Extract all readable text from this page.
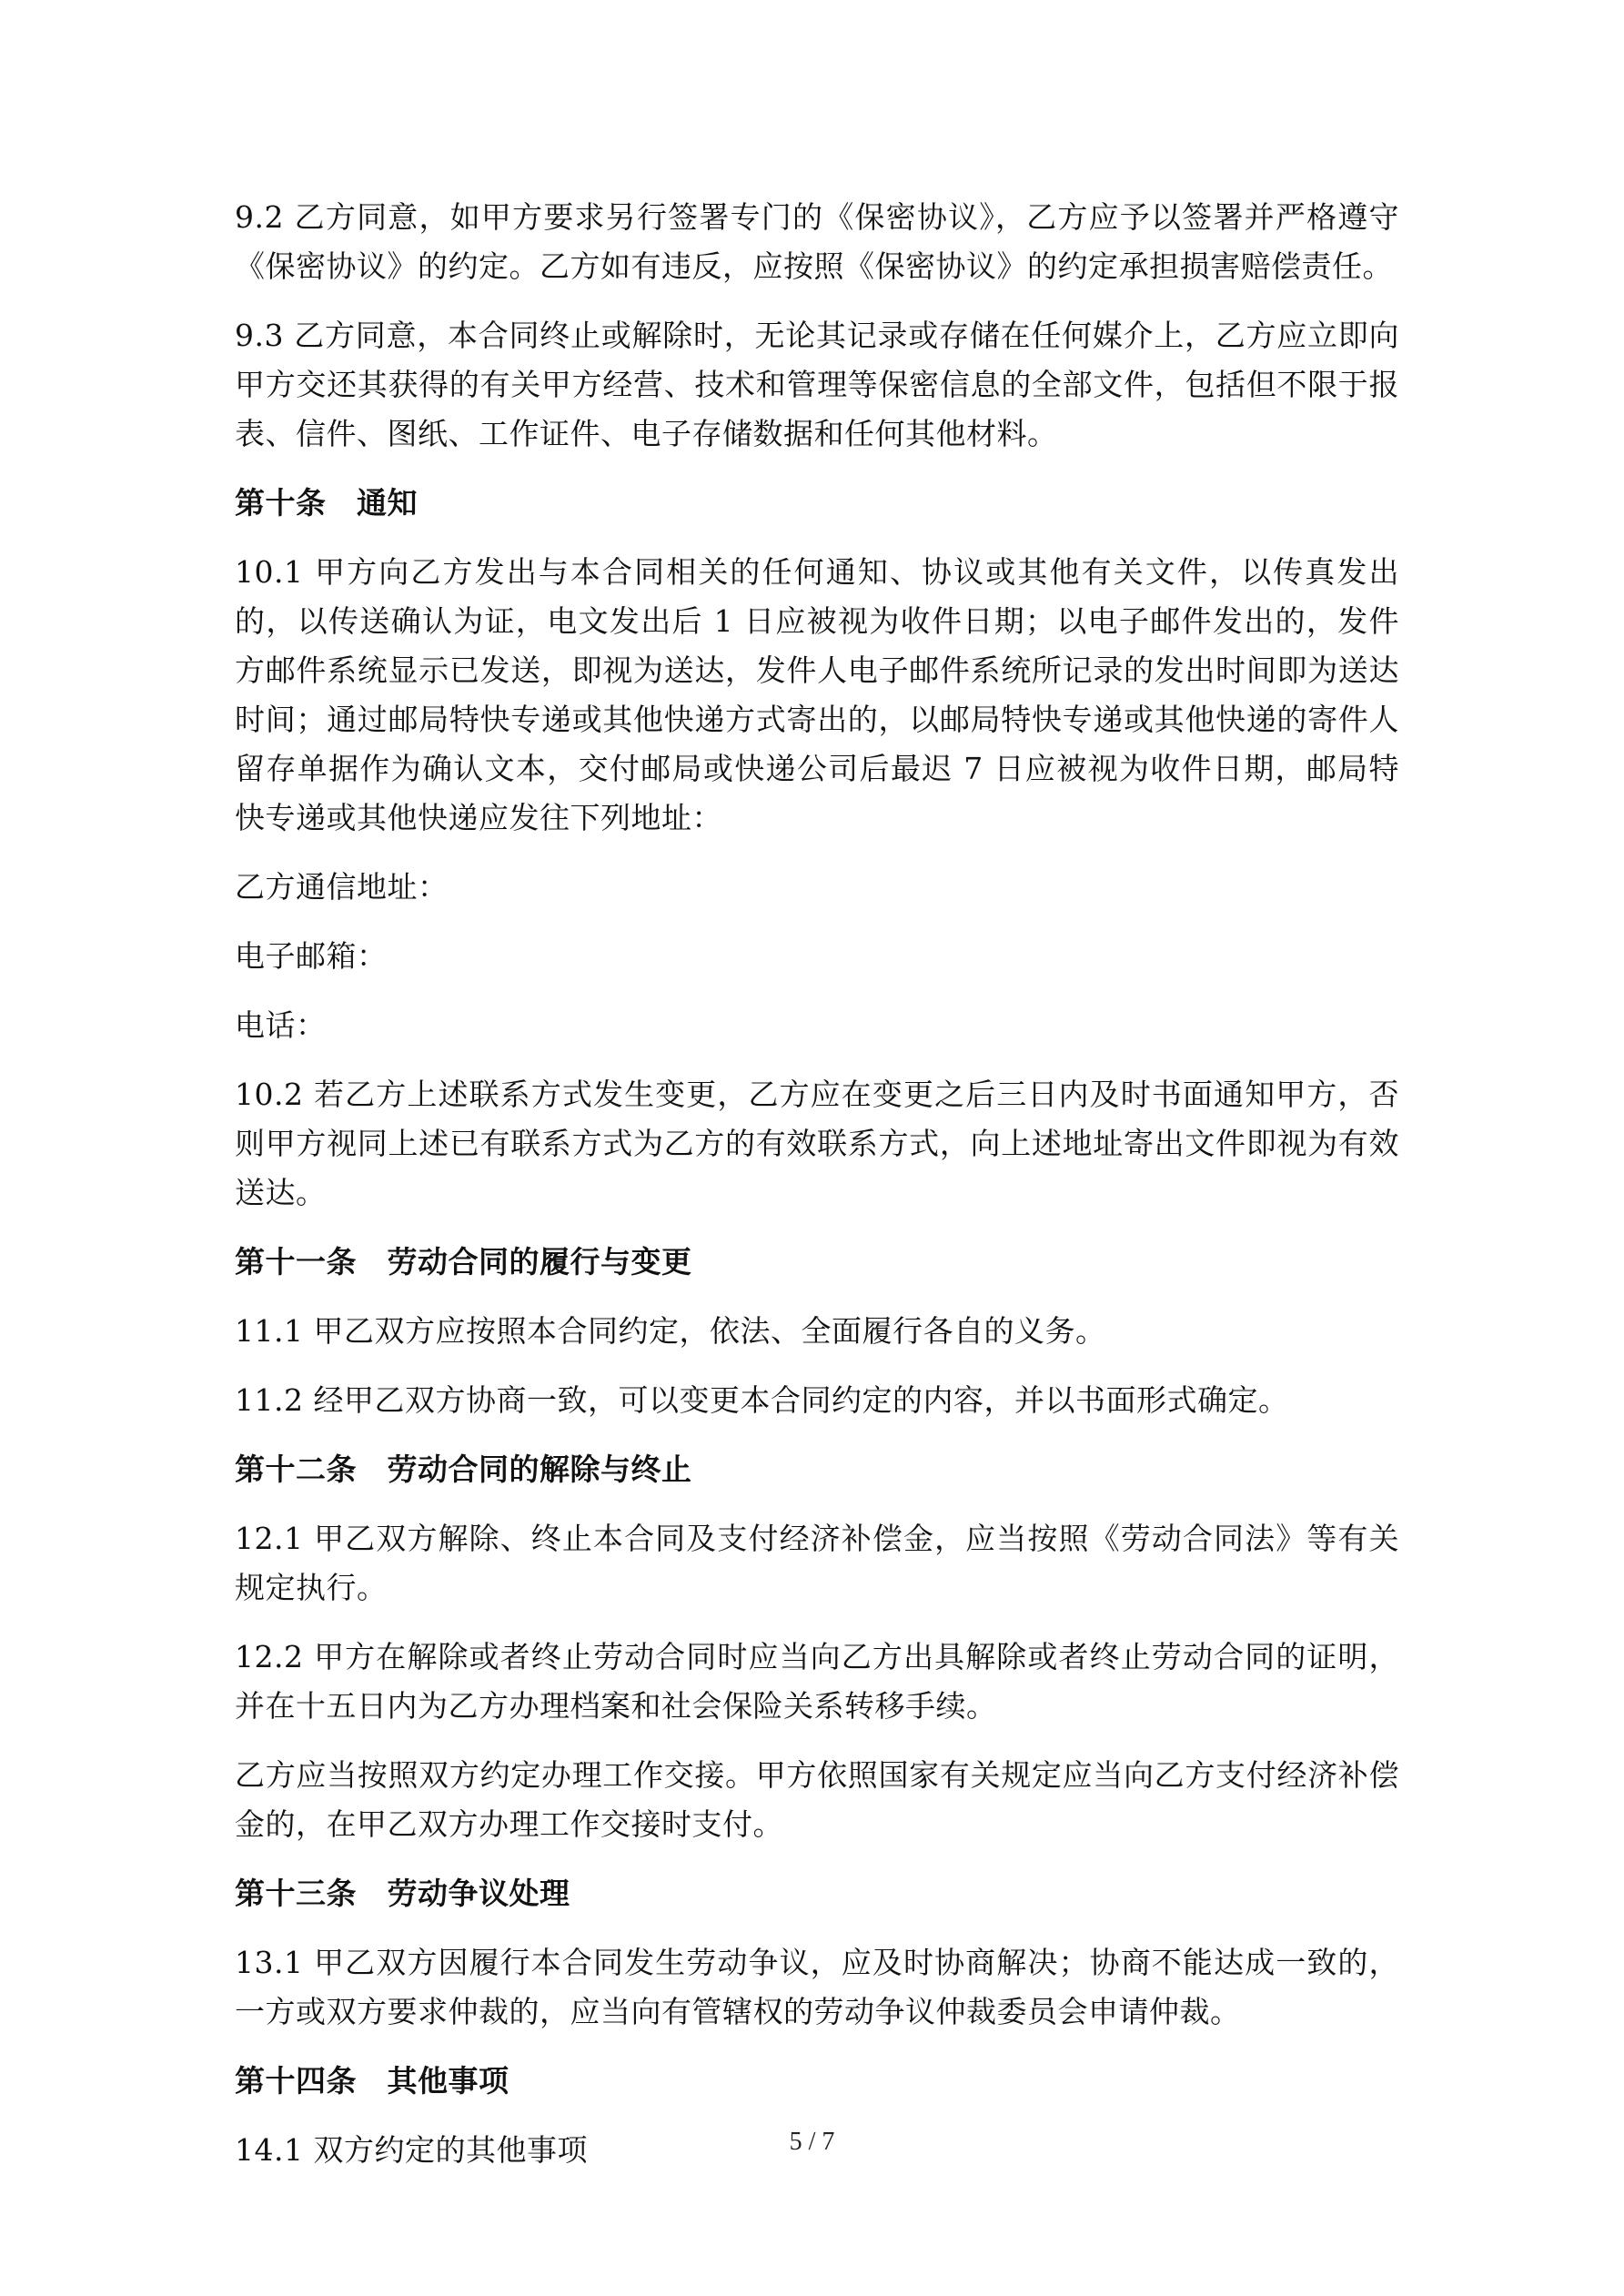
9.2 乙方同意，如甲方要求另行签署专门的《保密协议》，乙方应予以签署并严格遵守《保密协议》的约定。乙方如有违反，应按照《保密协议》的约定承担损害赔偿责任。

9.3 乙方同意，本合同终止或解除时，无论其记录或存储在任何媒介上，乙方应立即向甲方交还其获得的有关甲方经营、技术和管理等保密信息的全部文件，包括但不限于报表、信件、图纸、工作证件、电子存储数据和任何其他材料。

第十条　通知

10.1 甲方向乙方发出与本合同相关的任何通知、协议或其他有关文件，以传真发出的，以传送确认为证，电文发出后 1 日应被视为收件日期；以电子邮件发出的，发件方邮件系统显示已发送，即视为送达，发件人电子邮件系统所记录的发出时间即为送达时间；通过邮局特快专递或其他快递方式寄出的，以邮局特快专递或其他快递的寄件人留存单据作为确认文本，交付邮局或快递公司后最迟 7 日应被视为收件日期，邮局特快专递或其他快递应发往下列地址：

乙方通信地址：

电子邮箱：

电话：

10.2 若乙方上述联系方式发生变更，乙方应在变更之后三日内及时书面通知甲方，否则甲方视同上述已有联系方式为乙方的有效联系方式，向上述地址寄出文件即视为有效送达。

第十一条　劳动合同的履行与变更

11.1 甲乙双方应按照本合同约定，依法、全面履行各自的义务。

11.2 经甲乙双方协商一致，可以变更本合同约定的内容，并以书面形式确定。

第十二条　劳动合同的解除与终止

12.1 甲乙双方解除、终止本合同及支付经济补偿金，应当按照《劳动合同法》等有关规定执行。

12.2 甲方在解除或者终止劳动合同时应当向乙方出具解除或者终止劳动合同的证明，并在十五日内为乙方办理档案和社会保险关系转移手续。

乙方应当按照双方约定办理工作交接。甲方依照国家有关规定应当向乙方支付经济补偿金的，在甲乙双方办理工作交接时支付。

第十三条　劳动争议处理

13.1 甲乙双方因履行本合同发生劳动争议，应及时协商解决；协商不能达成一致的，一方或双方要求仲裁的，应当向有管辖权的劳动争议仲裁委员会申请仲裁。

第十四条　其他事项

14.1 双方约定的其他事项	5 / 7
